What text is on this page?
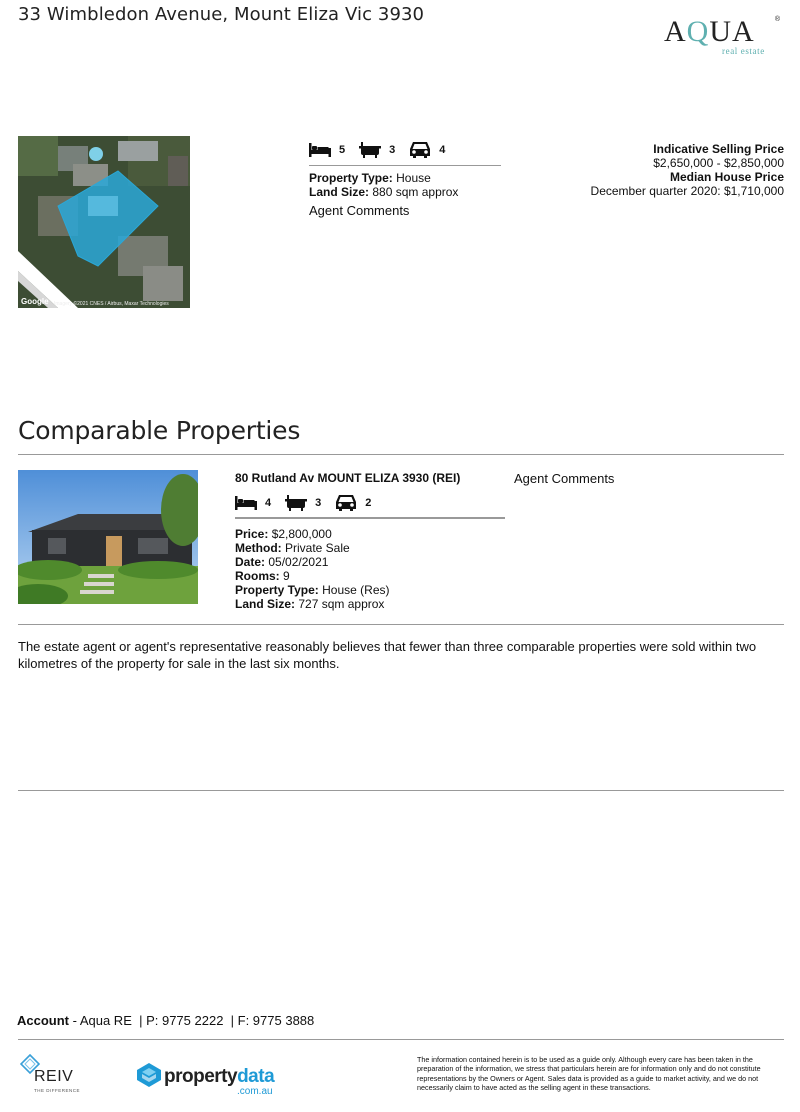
33 Wimbledon Avenue, Mount Eliza Vic 3930
AQUA	®
real estate
Google Imagery ©2021 CNES / Airbus, Maxar Technologies
5	3	4
Property Type: House
Land Size: 880 sqm approx
Agent Comments
Indicative Selling Price
$2,650,000 - $2,850,000
Median House Price
December quarter 2020: $1,710,000
Comparable Properties
80 Rutland Av MOUNT ELIZA 3930 (REI)
4	3	2
Price: $2,800,000
Method: Private Sale
Date: 05/02/2021
Rooms: 9
Property Type: House (Res)
Land Size: 727 sqm approx
Agent Comments
The estate agent or agent's representative reasonably believes that fewer than three comparable properties were sold within two kilometres of the property for sale in the last six months.
Account - Aqua RE  | P: 9775 2222  | F: 9775 3888
REIV
THE DIFFERENCE
propertydata
.com.au
The information contained herein is to be used as a guide only. Although every care has been taken in the preparation of the information, we stress that particulars herein are for information only and do not constitute representations by the Owners or Agent. Sales data is provided as a guide to market activity, and we do not necessarily claim to have acted as the selling agent in these transactions.
